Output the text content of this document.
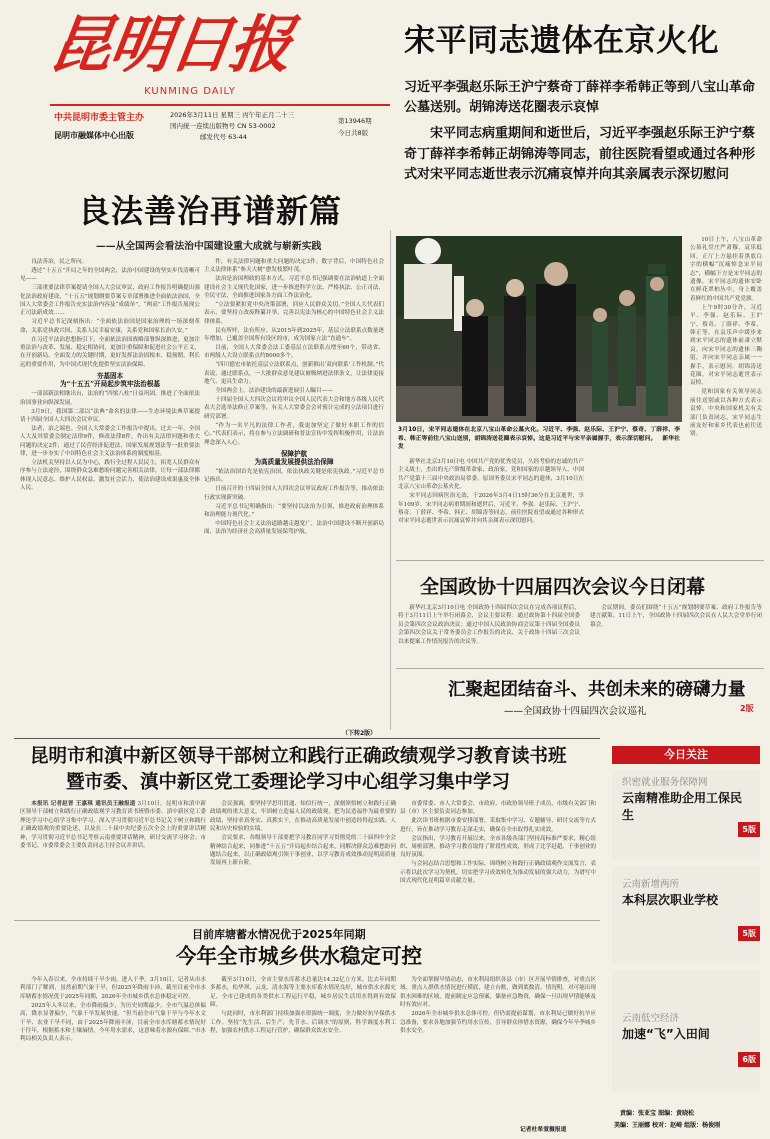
昆明日报
KUNMING DAILY
中共昆明市委主管主办
昆明市融媒体中心出版
2026年3月11日 星期三 丙午年正月二十三
国内统一连续出版物号 CN 53-0002
邮发代号 63-44
第13946期
今日共8版
宋平同志遗体在京火化
习近平李强赵乐际王沪宁蔡奇丁薛祥李希韩正等到八宝山革命公墓送别。胡锦涛送花圈表示哀悼
宋平同志病重期间和逝世后，习近平李强赵乐际王沪宁蔡奇丁薛祥李希韩正胡锦涛等同志，前往医院看望或通过各种形式对宋平同志逝世表示沉痛哀悼并向其亲属表示深切慰问
3月10日，宋平同志遗体在北京八宝山革命公墓火化。习近平、李强、赵乐际、王沪宁、蔡奇、丁薛祥、李希、韩正等前往八宝山送别，胡锦涛送花圈表示哀悼。这是习近平与宋平亲属握手，表示深切慰问。 新华社 发

新华社北京3月10日电 中国共产党的优秀党员，久经考验的忠诚的共产主义战士，杰出的无产阶级革命家、政治家，党和国家的卓越领导人，中国共产党第十三届中央政治局常委，原国务委员宋平同志的遗体，3月10日在北京八宝山革命公墓火化。

宋平同志因病医治无效，于2026年3月4日15时36分在北京逝世，享年109岁。宋平同志病重期间和逝世后，习近平、李强、赵乐际、王沪宁、蔡奇、丁薛祥、李希、韩正、胡锦涛等同志，前往医院看望或通过各种形式对宋平同志逝世表示沉痛哀悼并向其亲属表示深切慰问。

10日上午，八宝山革命公墓礼堂庄严肃穆，哀乐低回。正厅上方悬挂着黑底白字的横幅“沉痛悼念宋平同志”，横幅下方是宋平同志的遗像。宋平同志的遗体安卧在鲜花翠柏丛中，身上覆盖着鲜红的中国共产党党旗。

上午9时30分许，习近平、李强、赵乐际、王沪宁、蔡奇、丁薛祥、李希、韩正等，在哀乐声中缓步来到宋平同志的遗体前肃立默哀，向宋平同志的遗体三鞠躬，并向宋平同志亲属一一握手，表示慰问。胡锦涛送花圈，对宋平同志逝世表示哀悼。

党和国家有关领导同志前往送别或以各种方式表示哀悼。中央和国家机关有关部门负责同志，宋平同志生前友好和家乡代表也前往送别。

全国政协十四届四次会议今日闭幕

新华社北京3月10日电 全国政协十四届四次会议在完成各项议程后，将于3月11日上午举行闭幕会，会议主要议程：通过政协第十四届全国委员会第四次会议政治决议；通过中国人民政治协商会议第十四届全国委员会第四次会议关于常务委员会工作报告的决议、关于政协十四届三次会议以来提案工作情况报告的决议等。

会议期间，委员们围绕“十五五”规划纲要草案、政府工作报告等建言献策。11日上午，全国政协十四届四次会议在人民大会堂举行闭幕会。

汇聚起团结奋斗、共创未来的磅礴力量
——全国政协十四届四次会议巡礼	2版
良法善治再谱新篇
——从全国两会看法治中国建设重大成就与崭新实践

良法善治，民之所向。

透过“十五五”开局之年的全国两会，法治中国建设的坚实步伐清晰可见——

三部重要法律草案提请全国人大会议审议，政府工作报告明确提出强化法治政府建设，“十五五”规划纲要草案专章部署推进全面依法治国，全国人大常委会工作报告充实法治内容及“成绩单”，“两高”工作报告展现公正司法新成效……

习近平总书记深刻指出：“全面依法治国是国家治理的一场深刻革命，关系党执政兴国，关系人民幸福安康，关系党和国家长治久安。”

在习近平法治思想指引下，全面依法治国战略部署纵深推进，更加注重法治与改革、发展、稳定相协同，更加注重保障和促进社会公平正义，在开创新局、全面发力的关键时期，更好发挥法治固根本、稳预期、利长远的重要作用，为中国式现代化提供坚实法治保障。

夯基固本
为“十五五”开局起步筑牢法治根基

一部部新法相继出台，法治的“四梁八柱”日益巩固，推进了全面依法治国事业向纵深发展。

3月9日，我国第二部以“法典”命名的法律——生态环境法典草案提请十四届全国人大四次会议审议。

法者，治之端也。全国人大常委会工作报告中提出，过去一年，全国人大及其常委会制定法律9件，修改法律8件，作出有关法律问题和重大问题的决定2件，通过了民营经济促进法、国家发展规划法等一批重要法律，进一步夯实了中国特色社会主义法治体系的制度根基。

立法机关坚持以人民为中心，践行全过程人民民主，拓宽人民群众有序参与立法途径，围绕群众急难愁盼问题完善相关法律，让每一部法律都体现人民意志、维护人民权益、激发社会活力，使法治建设成果惠及全体人民。

件，有关法律问题和重大问题的决定3件。数字背后，中国特色社会主义法律体系“参天大树”愈发枝繁叶茂。

法治是治国理政的基本方式。习近平总书记强调要在法治轨道上全面建设社会主义现代化国家，进一步推进科学立法、严格执法、公正司法、全民守法，全面推进国家各方面工作法治化。

“立法要紧扣党中央决策部署，回应人民群众关切。”全国人大代表们表示，要坚持立改废释纂并举，完善以宪法为核心的中国特色社会主义法律体系。

民有所呼，法有所应。从2015年到2025年，基层立法联系点数量逐年增加，已覆盖全国所有设区的市，成为国家立法“直通车”。

目前，全国人大常委会法工委基层立法联系点增至60个，带动省、市两级人大设立联系点约8000多个。

“四川德宏市依托基层立法联系点，创新推出‘双向联系’工作机制。”代表说，通过联系点，一大批群众意见建议被吸纳进法律条文，让法律更接地气、更具生命力。

全国两会上，法治建设的最新进展引人瞩目——

十四届全国人大四次会议将审议全国人民代表大会和地方各级人民代表大会选举法修正草案等，有关人大常委会会对预计完成的立法项目进行研究部署。

“作为一名平凡的法律工作者，我更加坚定了做好本职工作的信心。”代表们表示，将在参与立法调研和普法宣传中发挥积极作用，让法治理念深入人心。

保障护航
为高质量发展提供法治保障

“依法治国首先是依宪治国，依法执政关键是依宪执政。”习近平总书记指出。

日前召开的十四届全国人大四次会议审议政府工作报告等，推动依法行政实现新突破。

习近平总书记明确指出：“要坚持以法治为引领，推进政府治理体系和治理能力现代化。”

中国特色社会主义法治道路越走越宽广，法治中国建设不断开创新局面，法治为经济社会高质量发展保驾护航。

（下转2版）
昆明市和滇中新区领导干部树立和践行正确政绩观学习教育读书班
暨市委、滇中新区党工委理论学习中心组学习集中学习

本报讯 记者赵晋 王嘉琪 通讯员王融报道 3月10日，昆明市和滇中新区领导干部树立和践行正确政绩观学习教育读书班暨市委、滇中新区党工委理论学习中心组学习集中学习，深入学习贯彻习近平总书记关于树立和践行正确政绩观的重要论述，以及在二十届中央纪委五次全会上的重要讲话精神，学习贯彻习近平总书记考察云南重要讲话精神，研讨交流学习体会。市委书记、市委常委会主要负责同志主持会议并讲话。

会议强调，要坚持学思用贯通、知信行统一，深刻领悟树立和践行正确政绩观的重大意义，牢固树立造福人民的政绩观，把为民造福作为最重要的政绩，坚持求真务实、真抓实干，在推动高质量发展中创造经得起实践、人民和历史检验的实绩。

会议要求，各级领导干部要把学习教育同学习贯彻党的二十届四中全会精神结合起来，同推进“十五五”开局起步结合起来，同解决群众急难愁盼问题结合起来，以正确政绩观引领干事创业，以学习教育成效推动昆明高质量发展再上新台阶。

市委常委、市人大常委会、市政府、市政协领导班子成员，市级有关部门和县（市）区主要负责同志参加。

此次读书班根据市委安排部署，采取集中学习、专题辅导、研讨交流等方式进行，旨在推动学习教育走深走实，确保在全市取得扎实成效。

会议指出，学习教育开展以来，全市各级各部门坚持高标准严要求，精心组织、周密部署，推动学习教育取得了阶段性成效，形成了比学赶超、干事创业的良好氛围。

与会同志结合思想和工作实际，围绕树立和践行正确政绩观作交流发言，表示将以此次学习为契机，切实把学习成效转化为推动发展的强大动力，为谱写中国式现代化昆明篇章贡献力量。

目前库塘蓄水情况优于2025年同期
今年全市城乡供水稳定可控

今年入春以来，全市持续干旱少雨，进入干季。3月10日，记者从市水利部门了解到，虽然前期气象干旱，但2025年降雨丰沛，截至目前全市水库塘蓄水情况优于2025年同期，2026年全市城乡供水总体稳定可控。

2025年入冬以来，全市降雨偏少，为历史同期最少。全市气温总体偏高，降水显著偏少，气象干旱发展快速。“但当前全市气象干旱与今年水文干旱、农业干旱不同，由于2025年降雨丰沛，目前全市水库塘蓄水情况好于往年，根据蓄水和土壤墒情，今年用水需求，这意味着水源有保障。”市水利局相关负责人表示。

截至3月10日，全市主要水库蓄水总量达14.32亿立方米，比去年同期多蓄水，松华坝、云龙、清水海等主要水库蓄水情况良好，城市供水水源充足。全市已建成的各类供水工程运行平稳，城乡居民生活用水得到有效保障。

与此同时，市水利部门持续加强水资源统一调度，全力做好抗旱保供水工作。坚持“先生活、后生产，先节水、后调水”的原则，科学调度水利工程，加强农村供水工程运行管护，确保群众饮水安全。

为全面掌握旱情动态，市水利局组织各县（市）区开展旱情排查，对重点区域、重点人群供水情况进行摸底，建立台账，做到底数清、情况明。对可能出现供水困难的区域，提前制定应急预案，储备应急物资，确保一旦出现旱情能够及时有效应对。

2026年全市城乡供水总体可控，但仍需提前谋划，市水利局已做好抗旱应急准备，要求各地加强节约用水宣传，引导群众珍惜水资源，确保今年旱季城乡供水安全。

记者杜希萱摄报道
今日关注
织密就业服务保障网
云南精准助企用工保民生
5版
云南新增两所
本科层次职业学校
5版
云南低空经济
加速“飞”入田间
6版
责编：张亚宝 图编：黄晓松
美编：王丽娜 校对：赵崎 组版：杨俊刚
